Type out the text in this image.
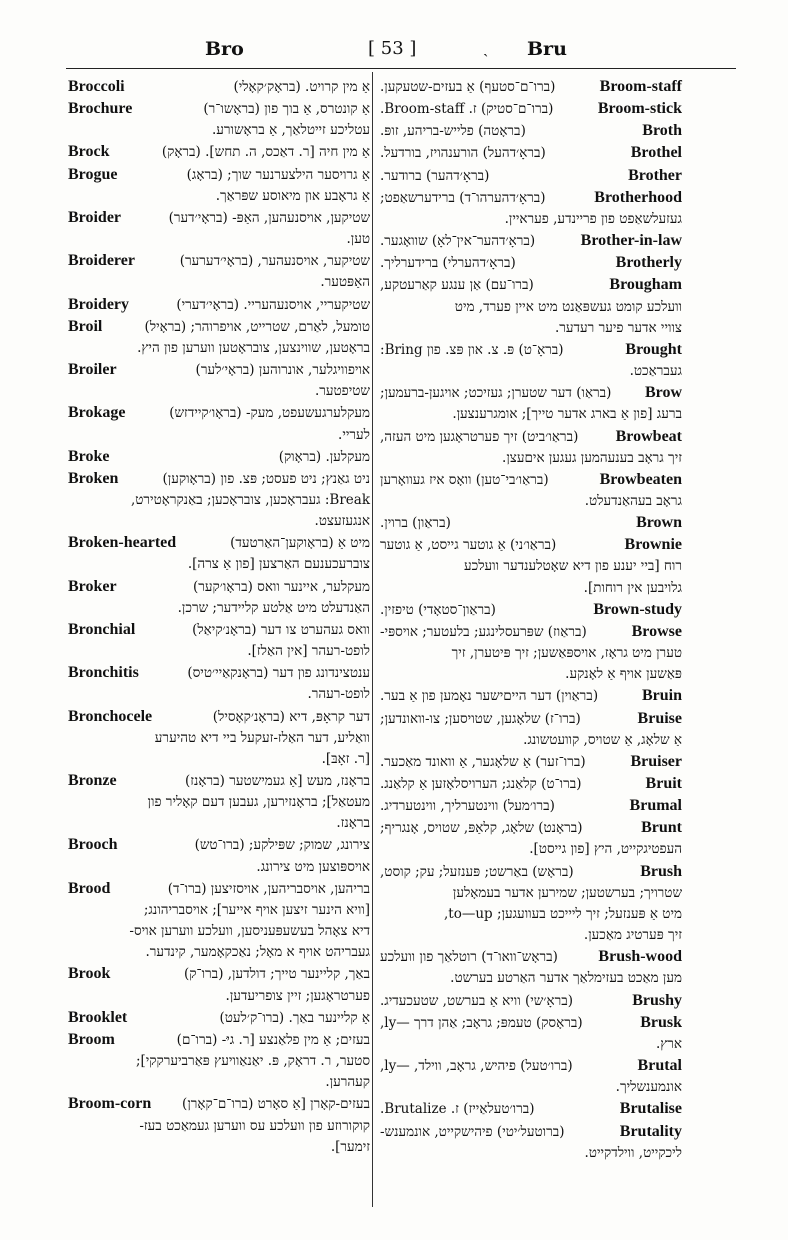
Bro	[ 53 ]	ˏ Bru
Broccoli	אַ מין קרויט. (בראָק׳קאָלי)
Brochure	אַ קונטרס, אַ בוך פון (בראָשו־ר)
עטליכע זייטלאַך, אַ בראָשורע.
Brock	אַ מין חיה [ר. דאַכס, ה. תחש]. (בראָק)
Brogue	אַ גרויסער הילצערנער שוך; (בראָג)
אַ גראָבע און מיאוסע שפּראַך.
Broider	שטיקען, אויסנעהען, האַפּ- (בראָי׳דער)
טען.
Broiderer	שטיקער, אויסנעהער, (בראָי׳דערער)
האַפּטער.
Broidery	שטיקעריי, אויסנעהעריי. (בראָי׳דערי)
Broil	טומעל, לאַרם, שטרייט, אויפרוהר; (בראָיל)
בראָטען, שווינצען, צובראָטען ווערען פון היץ.
Broiler	אויפוויגלער, אונרוהען (בראָי׳לער)
שטיפטער.
Brokage	מעקלערגעשעפט, מעק- (בראָו׳קיידזש)
לעריי.
Broke	מעקלען. (בראָוק)
Broken	ניט גאַנץ; ניט פעסט; פּצ. פון (בראָוקען)
Break: געבראָכען, צובראָכען; באַנקראָטירט,
אנגעזעצט.
Broken-hearted	מיט אַ (בראָוקען־האַרטעד)
צוברעכענעם האַרצען [פון אַ צרה].
Broker	מעקלער, איינער וואס (בראָו׳קער)
האַנדעלט מיט אַלטע קליידער; שרכן.
Bronchial	וואס געהערט צו דער (בראָנ׳קיאַל)
לופט-רעהר [אין האַלז].
Bronchitis	ענטצינדונג פון דער (בראָנקאַיי׳טיס)
לופט-רעהר.
Bronchocele	דער קראָפּ, דיא (בראָנ׳קאָסיל)
וואַליע, דער האַלז-זעקעל ביי דיא טהיערע
[ר. זאָבּ].
Bronze	בראָנז, מעש [אַ געמישטער (בראָנז)
מעטאַל]; בראָנזירען, געבען דעם קאָליר פון
בראָנז.
Brooch	צירונג, שמוק; שפּילקע; (ברו־טש)
אויספּוצען מיט צירונג.
Brood	בריהען, אויסבריהען, אויסזיצען (ברו־ד)
[וויא הינער זיצען אויף אייער]; אויסבריהונג;
דיא צאָהל בעשעפּעניסען, וועלכע ווערען אויס-
געבריהט אויף א מאָל; נאַכקאָמער, קינדער.
Brook	באַך, קליינער טייך; דולדען, (ברו־ק)
פערטראָגען; זיין צופריעדען.
Brooklet	אַ קליינער באַך. (ברו־ק׳לעט)
Broom	בעזים; אַ מין פלאַנצע [ר. גיּ- (ברו־ם)
סטער, ר. דראָק, פּ. יאַנאַוויעץ פּאַרביערקקי];
קעהרען.
Broom-corn	בעזים-קאָרן [אַ סאָרט (ברו־ם־קאָרן)
קוקורוזע פון וועלכע עס ווערען געמאַכט בעז-
זימער].
(ברו־ם־סטעף) אַ בעזים-שטעקען.	Broom-staff
(ברו־ם־סטיק) ז. Broom-staff.	Broom-stick
(בראָטה) פלייש-בריהע, זופּ.	Broth
(בראָ׳דהעל) הורענהויז, בורדעל.	Brothel
(בראָ׳דהער) ברודער.	Brother
(בראָ׳דהערהו־ד) ברידערשאַפט;	Brotherhood
געזעלשאַפט פון פריינדע, פעראיין.
(בראָ׳דהער־אין־לאָ) שוואָגער.	Brother-in-law
(בראָ׳דהערלי) ברידערליך.	Brotherly
(ברו־עם) אַן ענגע קאַרעטקע,	Brougham
וועלכע קומט געשפּאַנט מיט איין פערד, מיט
צוויי אדער פיער רעדער.
(בראָ־ט) פּ. צ. און פּצ. פון Bring:	Brought
געבראַכט.
(בראַו) דער שטערן; געזיכט; אויגען-ברעמען;	Brow
ברעג [פון אַ בארג אדער טייך]; אומגרענצען.
(בראַו׳ביט) זיך פערטראָגען מיט העזה,	Browbeat
זיך גראָב בענעהמען געגען איםעצן.
(בראַו׳בי־טען) וואָס איז געוואָרען	Browbeaten
גראָב בעהאַנדעלט.
(בראַון) ברוין.	Brown
(בראַו׳ני) אַ גוטער גייסט, אַ גוטער	Brownie
רוח [ביי יענע פון דיא שאָטלענדער וועלכע
גלויבען אין רוחות].
(בראַון־סטאָדי) טיפזין.	Brown-study
(בראַוז) שפּרעסלינגע; בלעטער; אויספּי-	Browse
טערן מיט גראָז, אויספּאַשען; זיך פּיטערן, זיך
פּאַשען אויף אַ לאָנקע.
(בראַוין) דער הייםישער נאָמען פון אַ בער.	Bruin
(ברו־ז) שלאָגען, שטויסען; צו-וואונדען;	Bruise
אַ שלאָג, אַ שטויס, קוועטשונג.
(ברו־זער) אַ שלאָגער, אַ וואונד מאַכער.	Bruiser
(ברו־ט) קלאַנג; הערויסלאָזען אַ קלאַנג.	Bruit
(ברו׳מעל) ווינטערליך, ווינטערדיג.	Brumal
(בראָנט) שלאָג, קלאַפּ, שטויס, אָנגריף;	Brunt
העפטיגקייט, היץ [פון גייסט].
(בראָש) באַרשט; פּענזעל; עק; קוסט,	Brush
שטרויך; בערשטען; שמירען אדער בעמאָלען
מיט אַ פּענזעל; זיך ליייכט בעוועגען; to—up,
זיך פּערטיג מאַכען.
(בראָש־וואו־ד) רוטלאַך פון וועלכע	Brush-wood
מען מאַכט בעזימלאַך אדער האַרטע בערשט.
(בראָ׳שי) וויא אַ בערשט, שטעכעדיג.	Brushy
(בראָסק) טעמפּ; גראָב; אַהן דרך —ly,	Brusk
ארץ.
(ברו׳טעל) פיהיש, גראָב, ווילד, —ly,	Brutal
אונמענשליך.
(ברו׳טעלאַייז) ז. Brutalize.	Brutalise
(ברוטעל׳יטי) פיהישקייט, אונמענש-	Brutality
ליכקייט, ווילדקייט.
